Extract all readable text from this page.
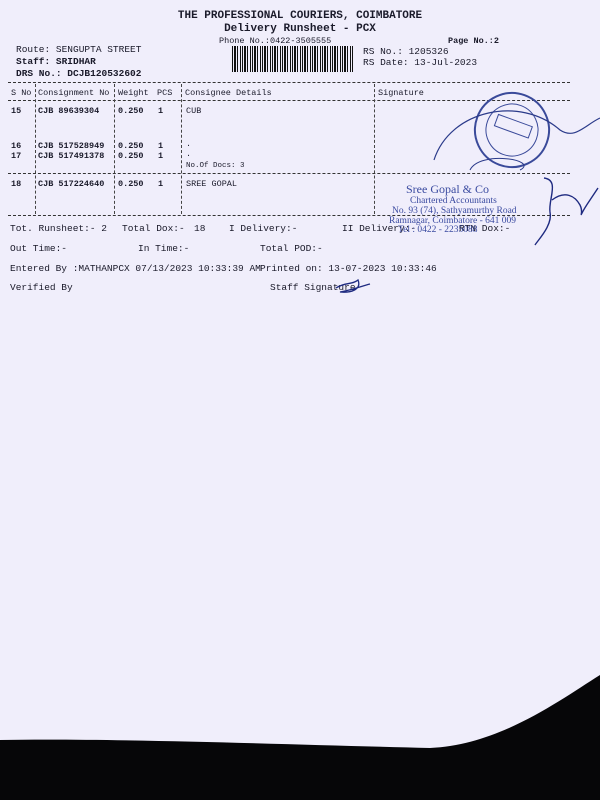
THE PROFESSIONAL COURIERS, COIMBATORE
Delivery Runsheet - PCX
Phone No.:0422-3505555	Page No.:2
Route: SENGUPTA STREET
Staff: SRIDHAR
DRS No.: DCJB120532602
RS No.: 1205326
RS Date: 13-Jul-2023
S No Consignment No Weight PCS Consignee Details	Signature
15 CJB 89639304 0.250 1	CUB
16 CJB 517528949 0.250 1	.
17 CJB 517491378 0.250 1	.
No.Of Docs: 3
18 CJB 517224640 0.250 1	SREE GOPAL
Tot. Runsheet:- 2 Total Dox:- 18 I Delivery:-	II Delivery:-	RTN Dox:-
Out Time:-	In Time:-	Total POD:-
Entered By :MATHANPCX 07/13/2023 10:33:39 AM Printed on: 13-07-2023 10:33:46
Verified By	Staff Signature
Sree Gopal & Co
Chartered Accountants
No. 93 (74), Sathyamurthy Road
Ramnagar, Coimbatore - 641 009
Tel : 0422 - 2235088
